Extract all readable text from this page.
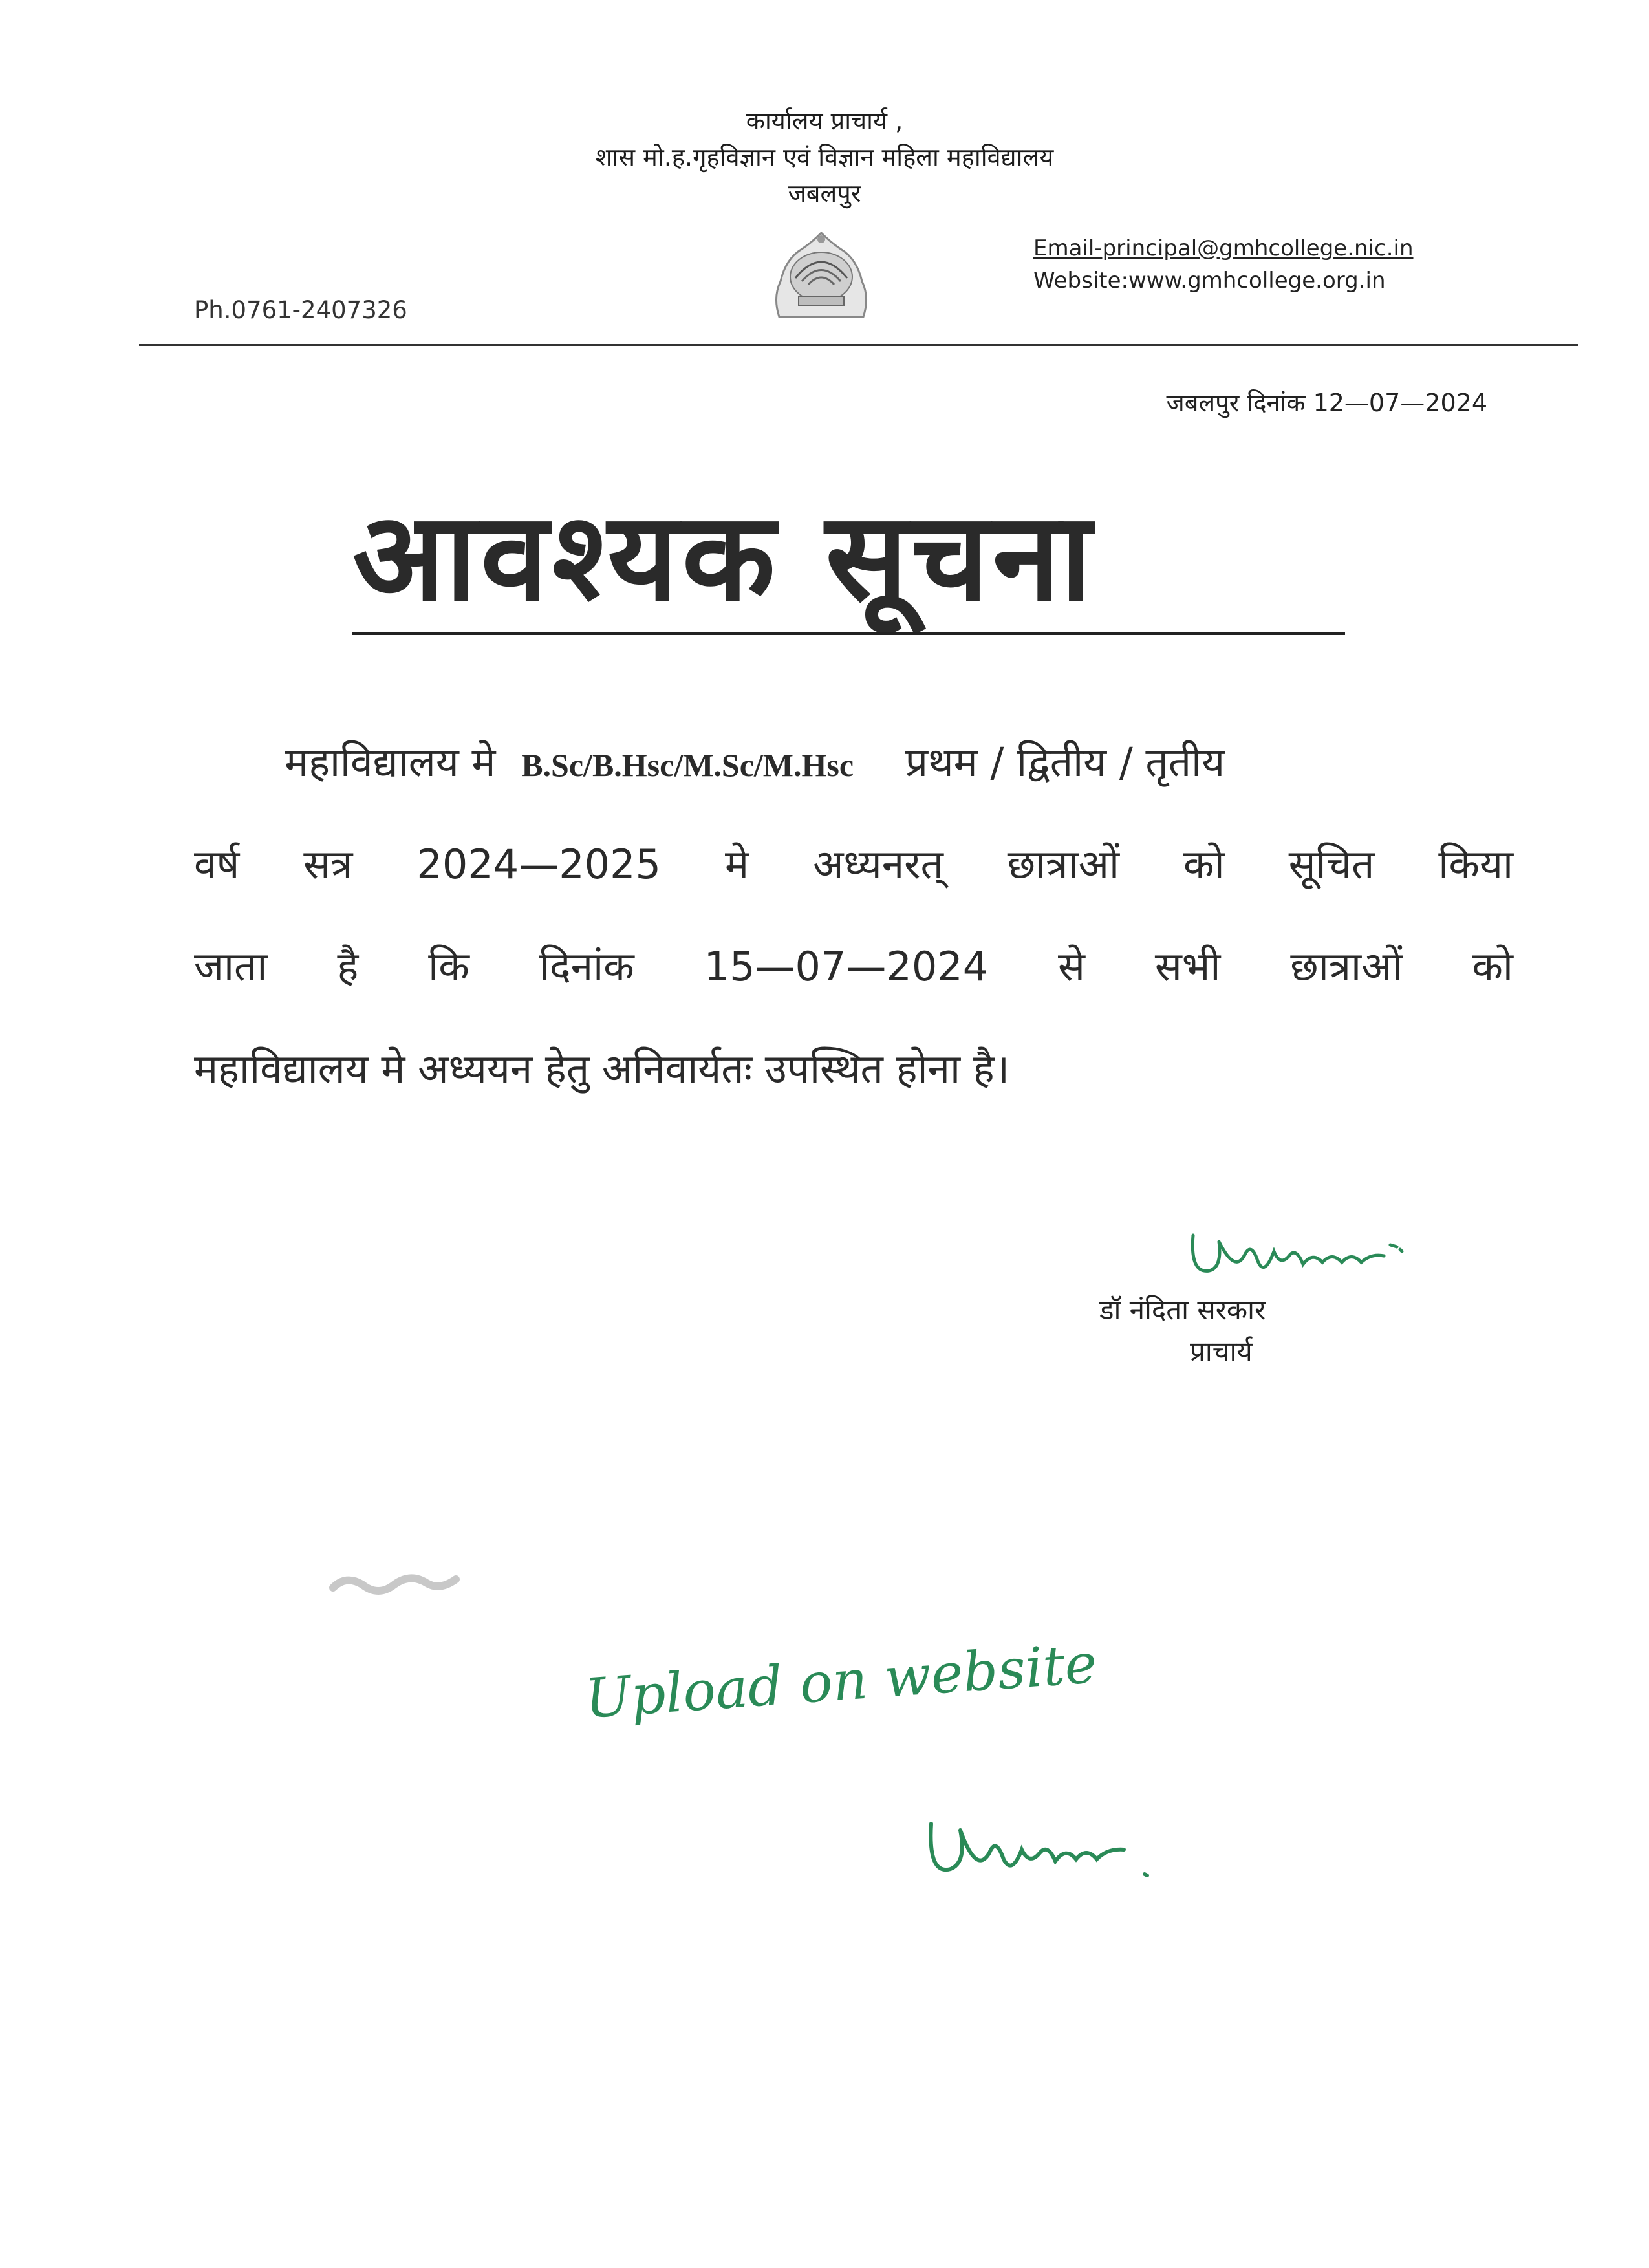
कार्यालय प्राचार्य ,
शास मो.ह.गृहविज्ञान एवं विज्ञान महिला महाविद्यालय
जबलपुर
Email-principal@gmhcollege.nic.in
Website:www.gmhcollege.org.in
Ph.0761-2407326
जबलपुर दिनांक 12—07—2024
आवश्यक सूचना
महाविद्यालय मे B.Sc/B.Hsc/M.Sc/M.Hsc प्रथम / द्वितीय / तृतीय
वर्ष सत्र 2024—2025 मे अध्यनरत् छात्राओं को सूचित किया
जाता है कि दिनांक 15—07—2024 से सभी छात्राओं को
महाविद्यालय मे अध्ययन हेतु अनिवार्यतः उपस्थित होना है।
डॉ नंदिता सरकार
प्राचार्य
Upload on website
